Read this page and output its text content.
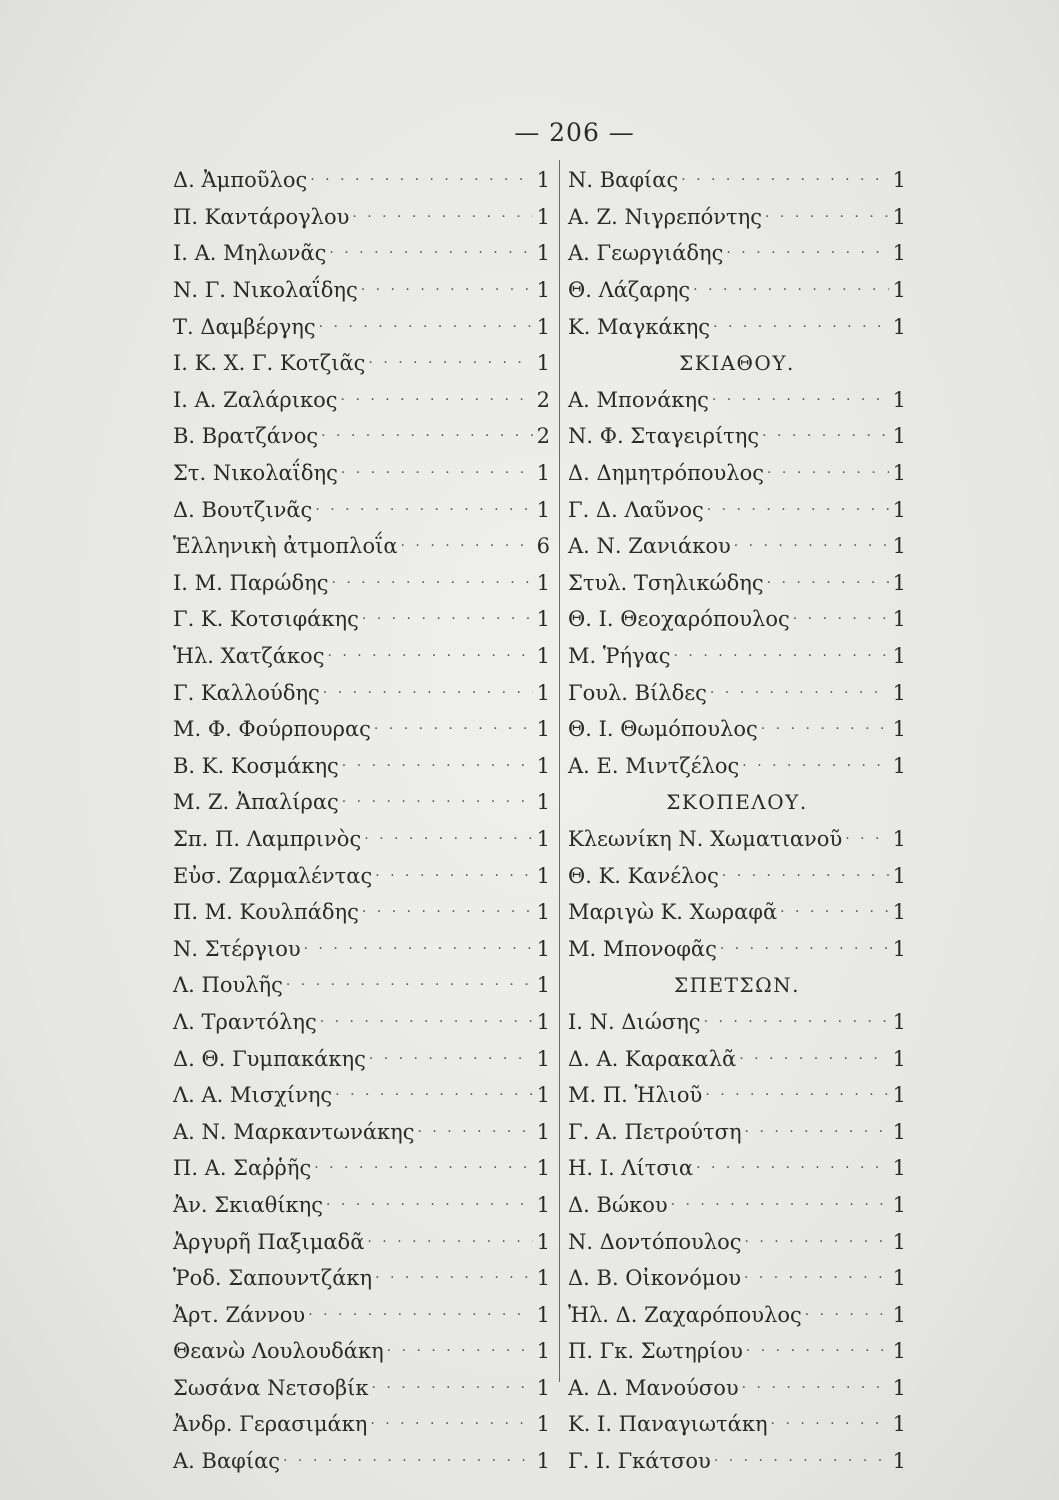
— 206 —
Δ. Ἀμποῦλος · · ·	1
Π. Καντάρογλου · · ·	1
Ι. Α. Μηλωνᾶς · · ·	1
Ν. Γ. Νικολαΐδης · · ·	1
Τ. Δαμβέργης · · ·	1
Ι. Κ. Χ. Γ. Κοτζιᾶς · · ·	1
Ι. Α. Ζαλάρικος · · ·	2
Β. Βρατζάνος · · ·	2
Στ. Νικολαΐδης · · ·	1
Δ. Βουτζινᾶς · · ·	1
Ἑλληνικὴ ἀτμοπλοΐα · · ·	6
Ι. Μ. Παρώδης · · ·	1
Γ. Κ. Κοτσιφάκης · · ·	1
Ἠλ. Χατζάκος · · ·	1
Γ. Καλλούδης · · ·	1
Μ. Φ. Φούρπουρας · · ·	1
Β. Κ. Κοσμάκης · · ·	1
Μ. Ζ. Ἀπαλίρας · · ·	1
Σπ. Π. Λαμπρινὸς · · ·	1
Εὐσ. Ζαρμαλέντας · · ·	1
Π. Μ. Κουλπάδης · · ·	1
Ν. Στέργιου · · ·	1
Λ. Πουλῆς · · ·	1
Λ. Τραντόλης · · ·	1
Δ. Θ. Γυμπακάκης · · ·	1
Λ. Α. Μισχίνης · · ·	1
Α. Ν. Μαρκαντωνάκης · · ·	1
Π. Α. Σαῤῥῆς · · ·	1
Ἀν. Σκιαθίκης · · ·	1
Ἀργυρῆ Παξιμαδᾶ · · ·	1
Ῥοδ. Σαπουντζάκη · · ·	1
Ἀρτ. Ζάννου · · ·	1
Θεανὼ Λουλουδάκη · · ·	1
Σωσάνα Νετσοβίκ · · ·	1
Ἀνδρ. Γερασιμάκη · · ·	1
Α. Βαφίας · · ·	1
Ν. Βαφίας · · ·	1
Α. Ζ. Νιγρεπόντης · · ·	1
Α. Γεωργιάδης · · ·	1
Θ. Λάζαρης · · ·	1
Κ. Μαγκάκης · · ·	1
ΣΚΙΑΘΟΥ.
Α. Μπονάκης · · ·	1
Ν. Φ. Σταγειρίτης · · ·	1
Δ. Δημητρόπουλος · · ·	1
Γ. Δ. Λαῦνος · · ·	1
Α. Ν. Ζανιάκου · · ·	1
Στυλ. Τσηλικώδης · · ·	1
Θ. Ι. Θεοχαρόπουλος · · ·	1
Μ. Ῥήγας · · ·	1
Γουλ. Βίλδες · · ·	1
Θ. Ι. Θωμόπουλος · · ·	1
Α. Ε. Μιντζέλος · · ·	1
ΣΚΟΠΕΛΟΥ.
Κλεωνίκη Ν. Χωματιανοῦ · · · 1
Θ. Κ. Κανέλος · · ·	1
Μαριγὼ Κ. Χωραφᾶ · · ·	1
Μ. Μπονοφᾶς · · ·	1
ΣΠΕΤΣΩΝ.
Ι. Ν. Διώσης · · ·	1
Δ. Α. Καρακαλᾶ · · ·	1
Μ. Π. Ἡλιοῦ · · ·	1
Γ. Α. Πετρούτση · · ·	1
Η. Ι. Λίτσια · · ·	1
Δ. Βώκου · · ·	1
Ν. Δοντόπουλος · · ·	1
Δ. Β. Οἰκονόμου · · ·	1
Ἠλ. Δ. Ζαχαρόπουλος · · ·	1
Π. Γκ. Σωτηρίου · · ·	1
Α. Δ. Μανούσου · · ·	1
Κ. Ι. Παναγιωτάκη · · ·	1
Γ. Ι. Γκάτσου · · ·	1
